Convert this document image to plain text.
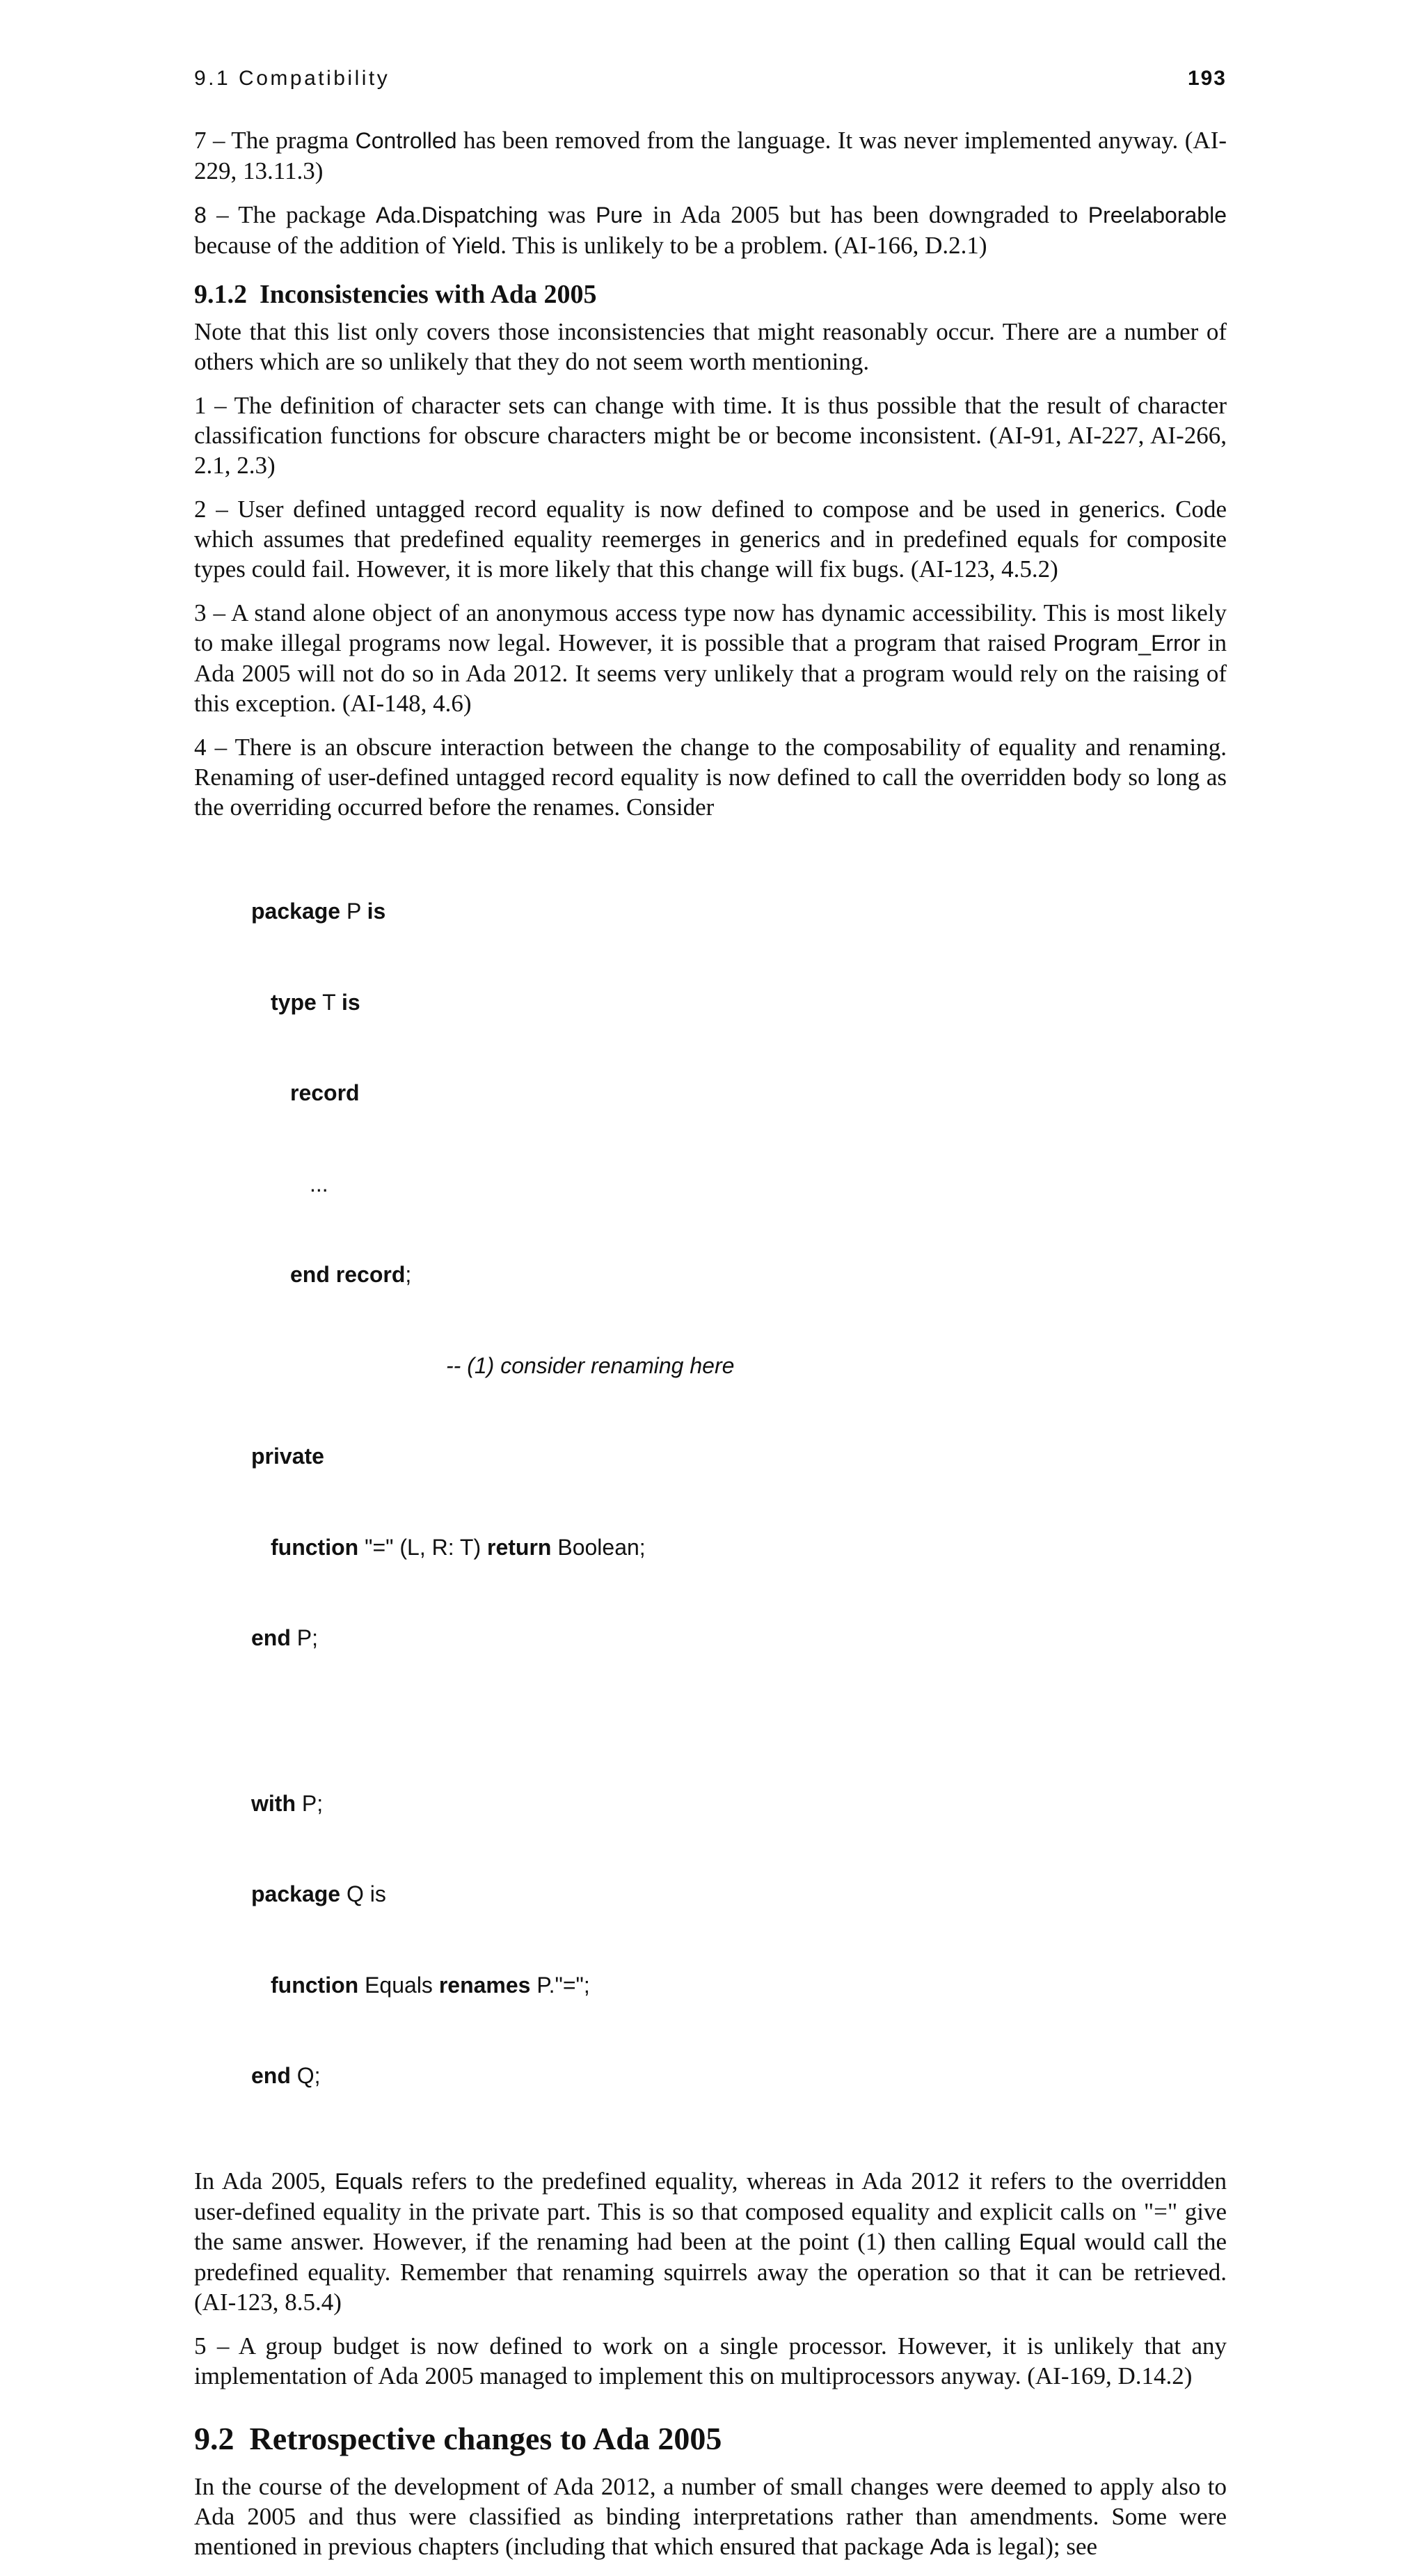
9.1 Compatibility	193

7 – The pragma Controlled has been removed from the language. It was never implemented anyway. (AI-229, 13.11.3)

8 – The package Ada.Dispatching was Pure in Ada 2005 but has been downgraded to Preelaborable because of the addition of Yield. This is unlikely to be a problem. (AI-166, D.2.1)

9.1.2 Inconsistencies with Ada 2005

Note that this list only covers those inconsistencies that might reasonably occur. There are a number of others which are so unlikely that they do not seem worth mentioning.

1 – The definition of character sets can change with time. It is thus possible that the result of character classification functions for obscure characters might be or become inconsistent. (AI-91, AI-227, AI-266, 2.1, 2.3)

2 – User defined untagged record equality is now defined to compose and be used in generics. Code which assumes that predefined equality reemerges in generics and in predefined equals for composite types could fail. However, it is more likely that this change will fix bugs. (AI-123, 4.5.2)

3 – A stand alone object of an anonymous access type now has dynamic accessibility. This is most likely to make illegal programs now legal. However, it is possible that a program that raised Program_Error in Ada 2005 will not do so in Ada 2012. It seems very unlikely that a program would rely on the raising of this exception. (AI-148, 4.6)

4 – There is an obscure interaction between the change to the composability of equality and renaming. Renaming of user-defined untagged record equality is now defined to call the overridden body so long as the overriding occurred before the renames. Consider

package P is

type T is

record

...

end record;

-- (1) consider renaming here

private

function "=" (L, R: T) return Boolean;

end P;

with P;

package Q is

function Equals renames P."=";

end Q;

In Ada 2005, Equals refers to the predefined equality, whereas in Ada 2012 it refers to the overridden user-defined equality in the private part. This is so that composed equality and explicit calls on "=" give the same answer. However, if the renaming had been at the point (1) then calling Equal would call the predefined equality. Remember that renaming squirrels away the operation so that it can be retrieved. (AI-123, 8.5.4)

5 – A group budget is now defined to work on a single processor. However, it is unlikely that any implementation of Ada 2005 managed to implement this on multiprocessors anyway. (AI-169, D.14.2)

9.2 Retrospective changes to Ada 2005

In the course of the development of Ada 2012, a number of small changes were deemed to apply also to Ada 2005 and thus were classified as binding interpretations rather than amendments. Some were mentioned in previous chapters (including that which ensured that package Ada is legal); see
